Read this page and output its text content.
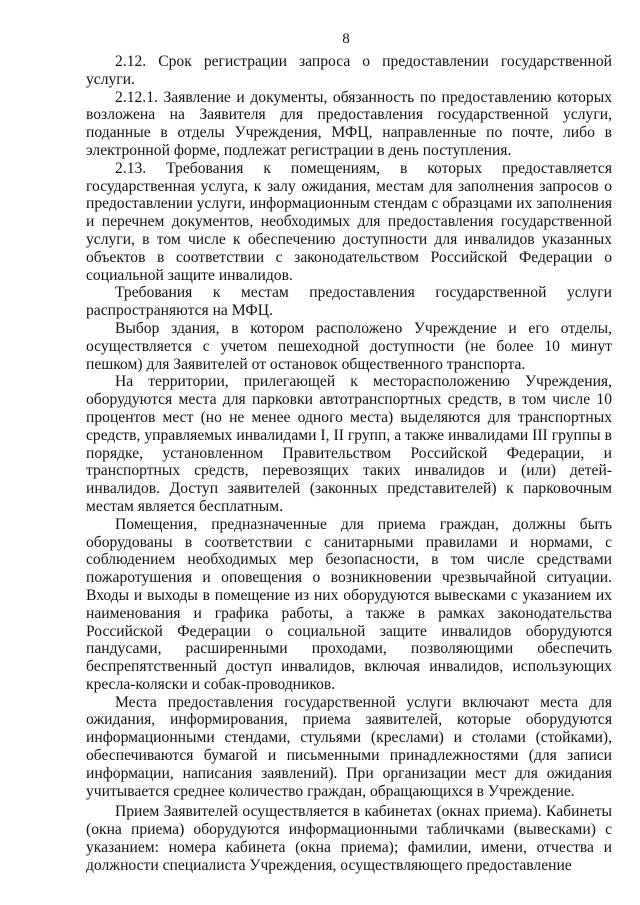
8

2.12. Срок регистрации запроса о предоставлении государственной услуги.

2.12.1. Заявление и документы, обязанность по предоставлению которых возложена на Заявителя для предоставления государственной услуги, поданные в отделы Учреждения, МФЦ, направленные по почте, либо в электронной форме, подлежат регистрации в день поступления.

2.13. Требования к помещениям, в которых предоставляется государственная услуга, к залу ожидания, местам для заполнения запросов о предоставлении услуги, информационным стендам с образцами их заполнения и перечнем документов, необходимых для предоставления государственной услуги, в том числе к обеспечению доступности для инвалидов указанных объектов в соответствии с законодательством Российской Федерации о социальной защите инвалидов.

Требования к местам предоставления государственной услуги распространяются на МФЦ.

Выбор здания, в котором расположено Учреждение и его отделы, осуществляется с учетом пешеходной доступности (не более 10 минут пешком) для Заявителей от остановок общественного транспорта.

На территории, прилегающей к месторасположению Учреждения, оборудуются места для парковки автотранспортных средств, в том числе 10 процентов мест (но не менее одного места) выделяются для транспортных средств, управляемых инвалидами I, II групп, а также инвалидами III группы в порядке, установленном Правительством Российской Федерации, и транспортных средств, перевозящих таких инвалидов и (или) детей-инвалидов. Доступ заявителей (законных представителей) к парковочным местам является бесплатным.

Помещения, предназначенные для приема граждан, должны быть оборудованы в соответствии с санитарными правилами и нормами, с соблюдением необходимых мер безопасности, в том числе средствами пожаротушения и оповещения о возникновении чрезвычайной ситуации. Входы и выходы в помещение из них оборудуются вывесками с указанием их наименования и графика работы, а также в рамках законодательства Российской Федерации о социальной защите инвалидов оборудуются пандусами, расширенными проходами, позволяющими обеспечить беспрепятственный доступ инвалидов, включая инвалидов, использующих кресла-коляски и собак-проводников.

Места предоставления государственной услуги включают места для ожидания, информирования, приема заявителей, которые оборудуются информационными стендами, стульями (креслами) и столами (стойками), обеспечиваются бумагой и письменными принадлежностями (для записи информации, написания заявлений). При организации мест для ожидания учитывается среднее количество граждан, обращающихся в Учреждение.

Прием Заявителей осуществляется в кабинетах (окнах приема). Кабинеты (окна приема) оборудуются информационными табличками (вывесками) с указанием: номера кабинета (окна приема); фамилии, имени, отчества и должности специалиста Учреждения, осуществляющего предоставление
